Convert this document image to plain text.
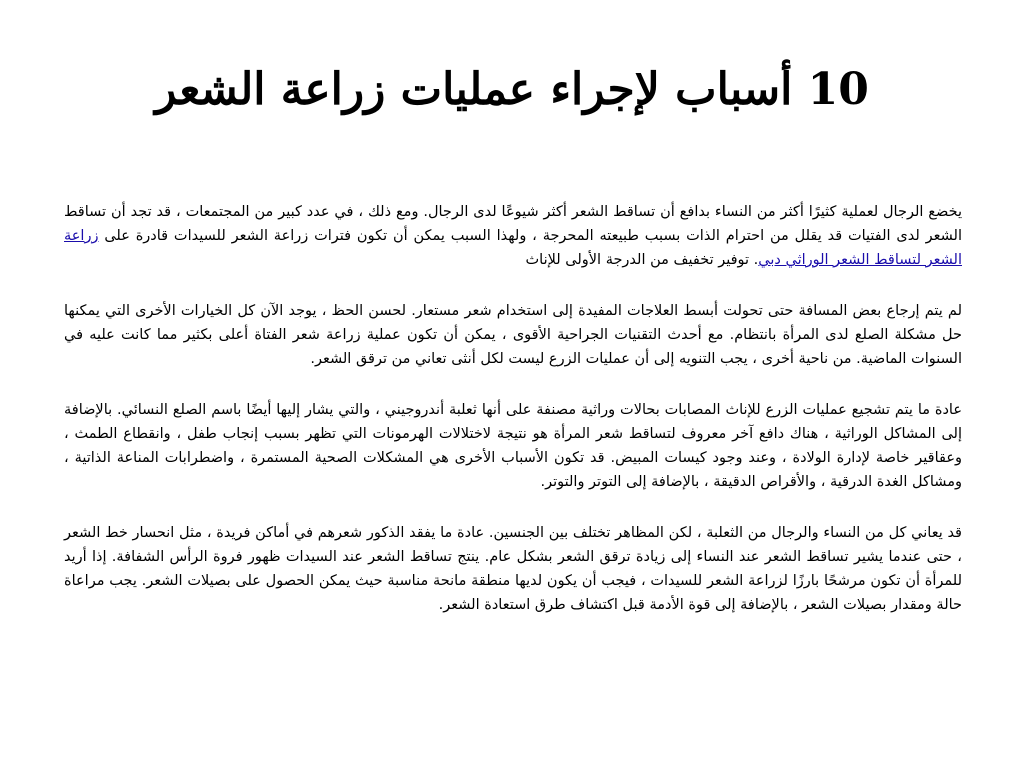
10 أسباب لإجراء عمليات زراعة الشعر

يخضع الرجال لعملية كثيرًا أكثر من النساء بدافع أن تساقط الشعر أكثر شيوعًا لدى الرجال. ومع ذلك ، في عدد كبير من المجتمعات ، قد تجد أن تساقط الشعر لدى الفتيات قد يقلل من احترام الذات بسبب طبيعته المحرجة ، ولهذا السبب يمكن أن تكون فترات زراعة الشعر للسيدات قادرة على زراعة الشعر لتساقط الشعر الوراثي دبي. توفير تخفيف من الدرجة الأولى للإناث

لم يتم إرجاع بعض المسافة حتى تحولت أبسط العلاجات المفيدة إلى استخدام شعر مستعار. لحسن الحظ ، يوجد الآن كل الخيارات الأخرى التي يمكنها حل مشكلة الصلع لدى المرأة بانتظام. مع أحدث التقنيات الجراحية الأقوى ، يمكن أن تكون عملية زراعة شعر الفتاة أعلى بكثير مما كانت عليه في السنوات الماضية. من ناحية أخرى ، يجب التنويه إلى أن عمليات الزرع ليست لكل أنثى تعاني من ترقق الشعر.

عادة ما يتم تشجيع عمليات الزرع للإناث المصابات بحالات وراثية مصنفة على أنها ثعلبة أندروجيني ، والتي يشار إليها أيضًا باسم الصلع النسائي. بالإضافة إلى المشاكل الوراثية ، هناك دافع آخر معروف لتساقط شعر المرأة هو نتيجة لاختلالات الهرمونات التي تظهر بسبب إنجاب طفل ، وانقطاع الطمث ، وعقاقير خاصة لإدارة الولادة ، وعند وجود كيسات المبيض. قد تكون الأسباب الأخرى هي المشكلات الصحية المستمرة ، واضطرابات المناعة الذاتية ، ومشاكل الغدة الدرقية ، والأقراص الدقيقة ، بالإضافة إلى التوتر والتوتر.

قد يعاني كل من النساء والرجال من الثعلبة ، لكن المظاهر تختلف بين الجنسين. عادة ما يفقد الذكور شعرهم في أماكن فريدة ، مثل انحسار خط الشعر ، حتى عندما يشير تساقط الشعر عند النساء إلى زيادة ترقق الشعر بشكل عام. ينتج تساقط الشعر عند السيدات ظهور فروة الرأس الشفافة. إذا أريد للمرأة أن تكون مرشحًا بارزًا لزراعة الشعر للسيدات ، فيجب أن يكون لديها منطقة مانحة مناسبة حيث يمكن الحصول على بصيلات الشعر. يجب مراعاة حالة ومقدار بصيلات الشعر ، بالإضافة إلى قوة الأدمة قبل اكتشاف طرق استعادة الشعر.
